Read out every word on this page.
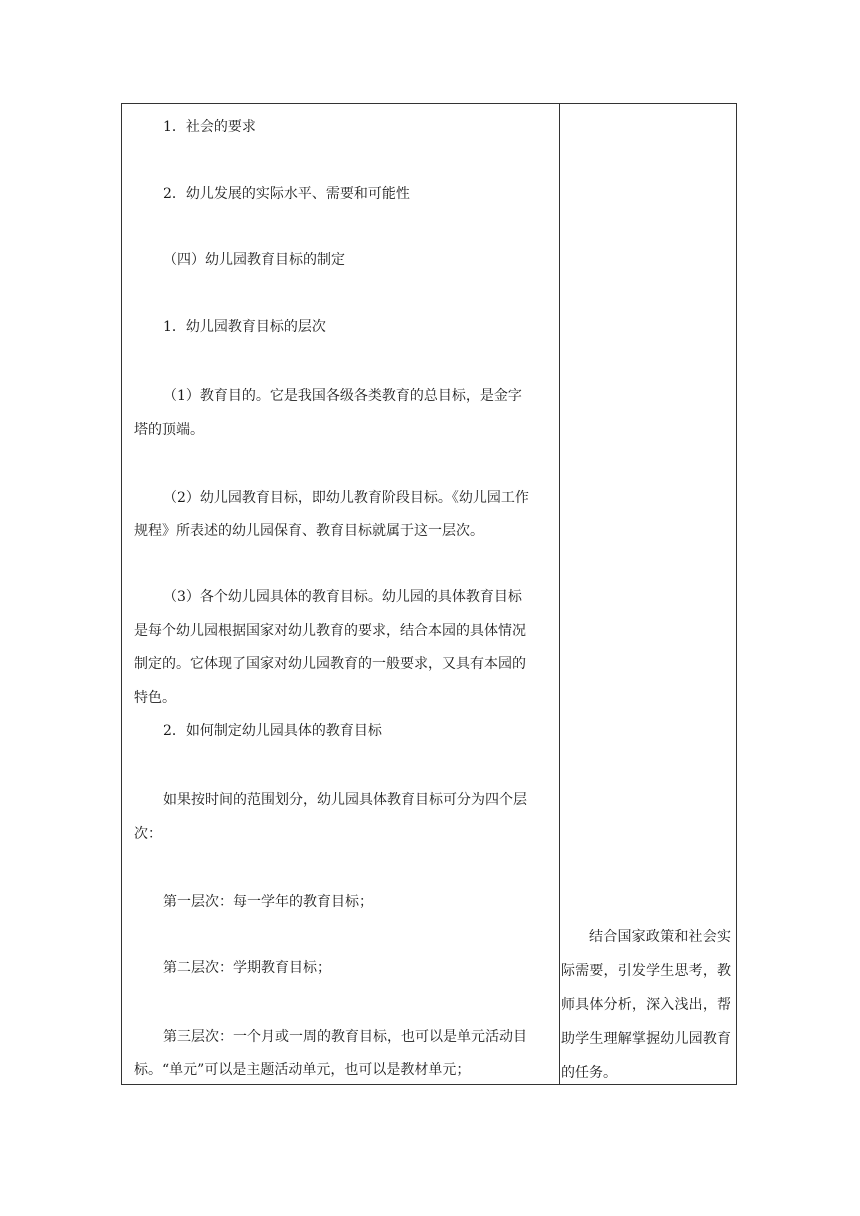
1．社会的要求
2．幼儿发展的实际水平、需要和可能性
（四）幼儿园教育目标的制定
1．幼儿园教育目标的层次
（1）教育目的。它是我国各级各类教育的总目标，是金字
塔的顶端。
（2）幼儿园教育目标，即幼儿教育阶段目标。《幼儿园工作
规程》所表述的幼儿园保育、教育目标就属于这一层次。
（3）各个幼儿园具体的教育目标。幼儿园的具体教育目标
是每个幼儿园根据国家对幼儿教育的要求，结合本园的具体情况
制定的。它体现了国家对幼儿园教育的一般要求，又具有本园的
特色。
2．如何制定幼儿园具体的教育目标
如果按时间的范围划分，幼儿园具体教育目标可分为四个层
次：
第一层次：每一学年的教育目标；
第二层次：学期教育目标；
第三层次：一个月或一周的教育目标，也可以是单元活动目
标。“单元”可以是主题活动单元，也可以是教材单元；

结合国家政策和社会实际需要，引发学生思考，教师具体分析，深入浅出，帮助学生理解掌握幼儿园教育的任务。
